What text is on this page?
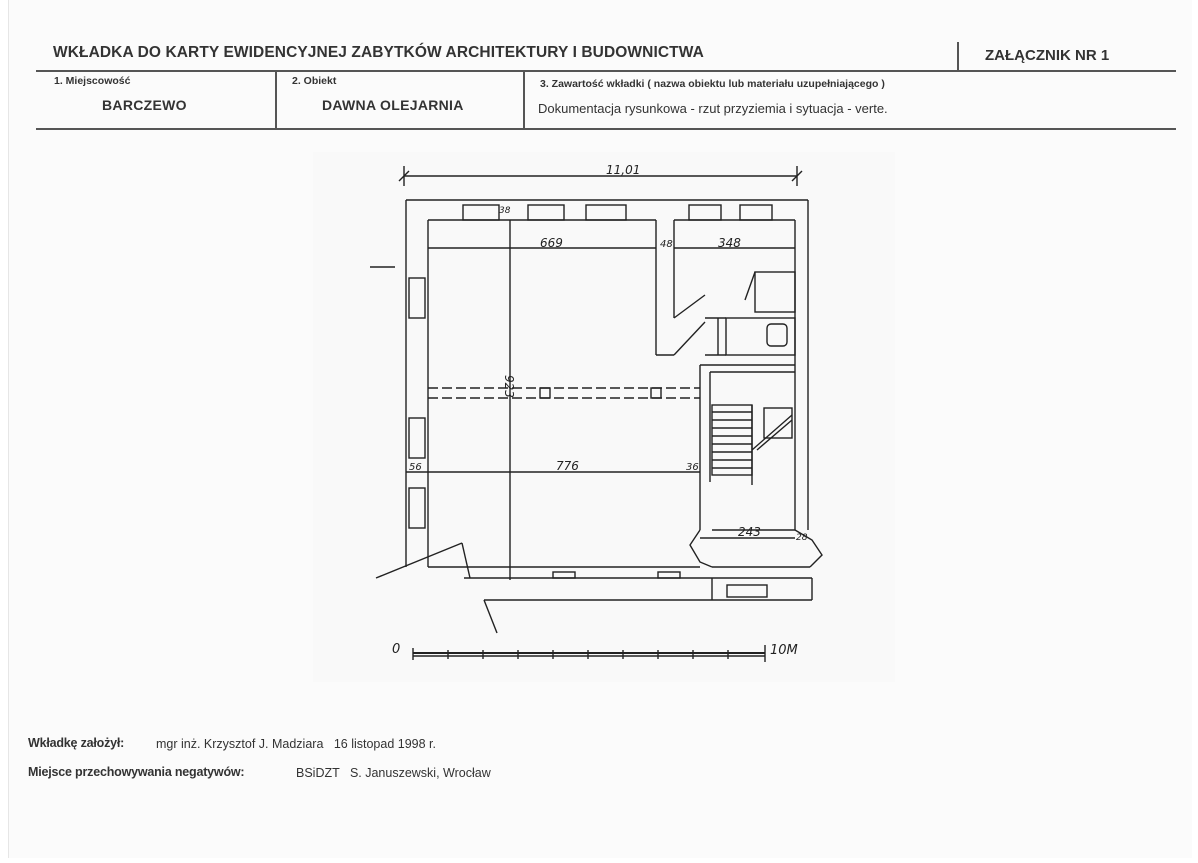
WKŁADKA DO KARTY EWIDENCYJNEJ ZABYTKÓW ARCHITEKTURY I BUDOWNICTWA	ZAŁĄCZNIK NR 1
1. Miejscowość
BARCZEWO
2. Obiekt
DAWNA OLEJARNIA
3. Zawartość wkładki ( nazwa obiektu lub materiału uzupełniającego )
Dokumentacja rysunkowa - rzut przyziemia i sytuacja - verte.
11,01
669	48	348
38
923
56	776	36
243	28
0	10M
Wkładkę założył:	mgr inż. Krzysztof J. Madziara   16 listopad 1998 r.
Miejsce przechowywania negatywów:	BSiDZT   S. Januszewski, Wrocław
